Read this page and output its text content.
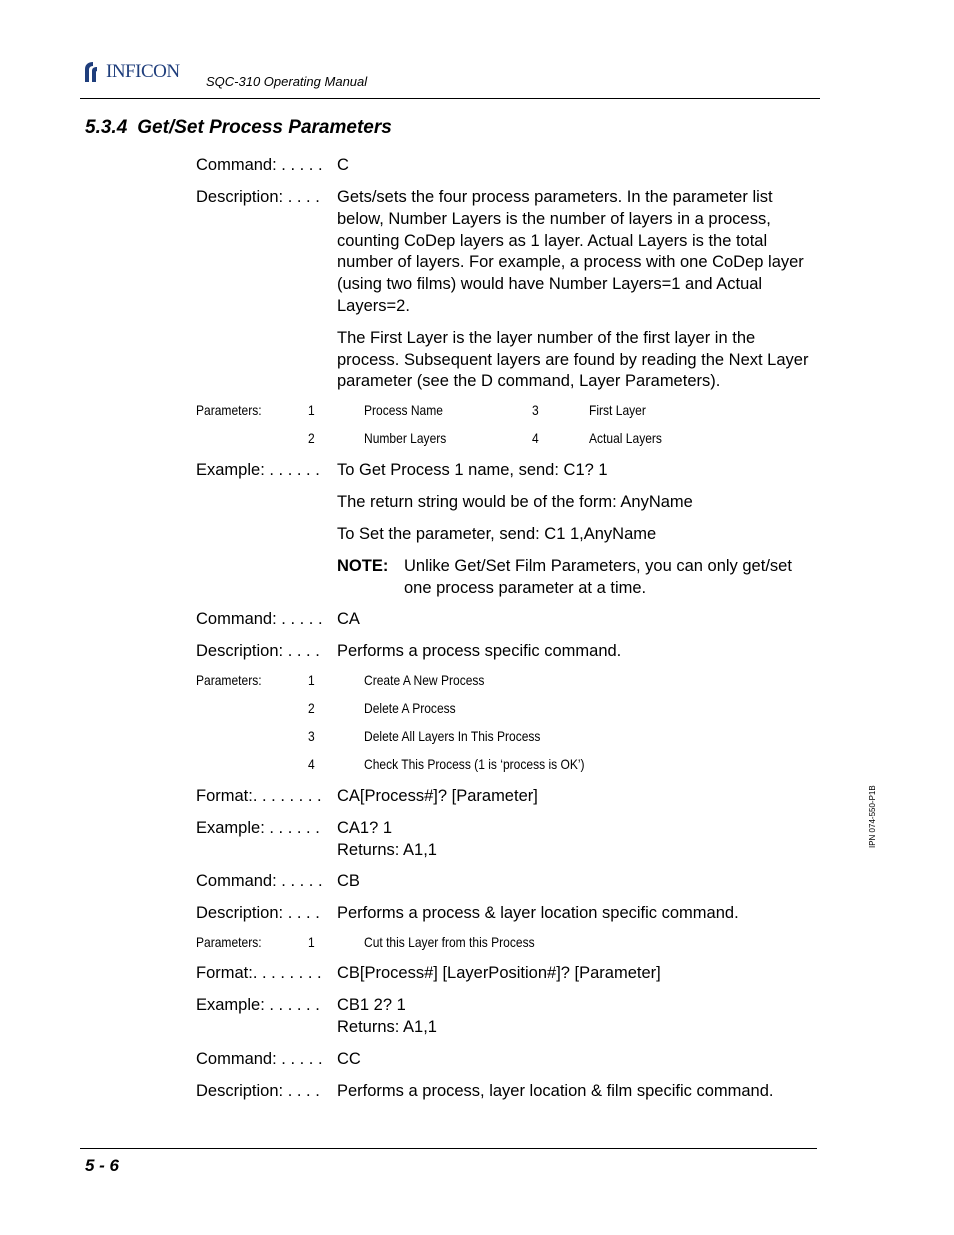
INFICON SQC-310 Operating Manual
5.3.4 Get/Set Process Parameters
Command: . . . . . C
Description: . . . . Gets/sets the four process parameters. In the parameter list below, Number Layers is the number of layers in a process, counting CoDep layers as 1 layer. Actual Layers is the total number of layers. For example, a process with one CoDep layer (using two films) would have Number Layers=1 and Actual Layers=2.

The First Layer is the layer number of the first layer in the process. Subsequent layers are found by reading the Next Layer parameter (see the D command, Layer Parameters).

Parameters:	1	Process Name	3	First Layer
2	Number Layers	4	Actual Layers
Example: . . . . . . To Get Process 1 name, send: C1? 1
The return string would be of the form: AnyName
To Set the parameter, send: C1 1,AnyName
NOTE: Unlike Get/Set Film Parameters, you can only get/set one process parameter at a time.
Command: . . . . . CA
Description: . . . . Performs a process specific command.
Parameters:	1	Create A New Process
2	Delete A Process
3	Delete All Layers In This Process
4	Check This Process (1 is ‘process is OK’)
Format:. . . . . . . . CA[Process#]? [Parameter]
Example: . . . . . . CA1? 1
Returns: A1,1
Command: . . . . . CB
Description: . . . . Performs a process & layer location specific command.
Parameters:	1	Cut this Layer from this Process
Format:. . . . . . . . CB[Process#] [LayerPosition#]? [Parameter]
Example: . . . . . . CB1 2? 1
Returns: A1,1
Command: . . . . . CC
Description: . . . . Performs a process, layer location & film specific command.
IPN 074-550-P1B
5 - 6
